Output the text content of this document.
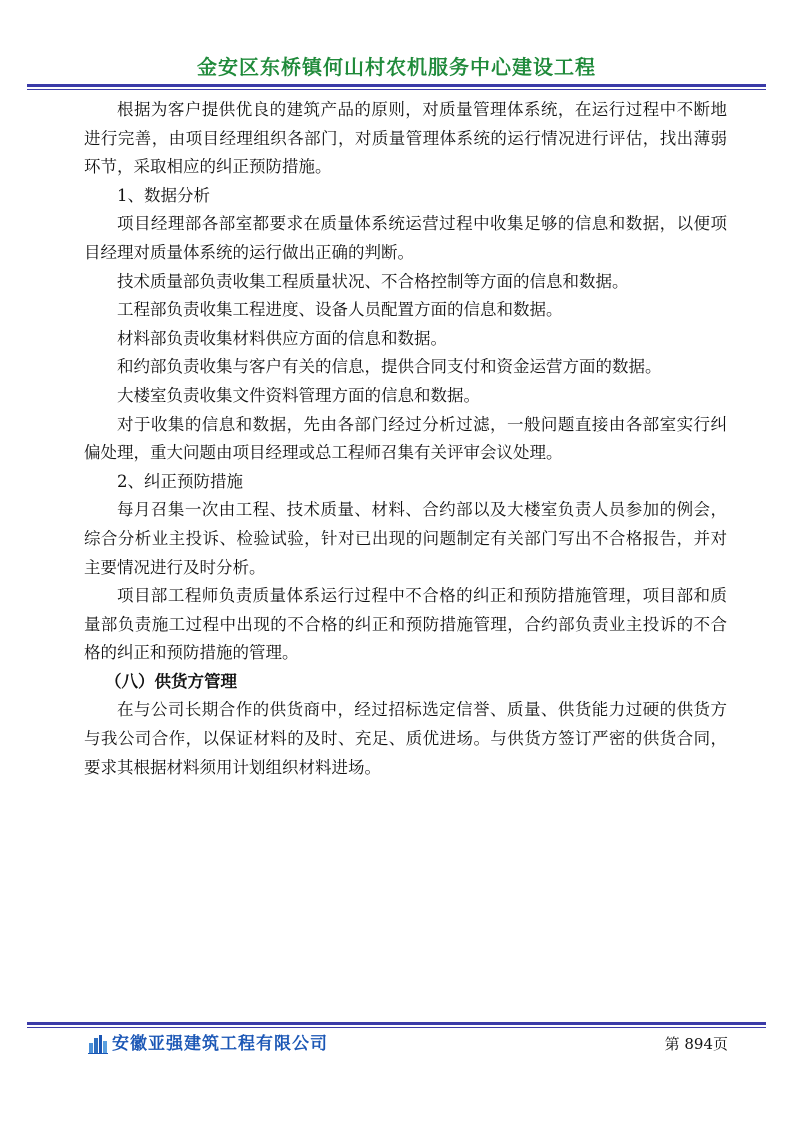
金安区东桥镇何山村农机服务中心建设工程

根据为客户提供优良的建筑产品的原则，对质量管理体系统，在运行过程中不断地进行完善，由项目经理组织各部门，对质量管理体系统的运行情况进行评估，找出薄弱环节，采取相应的纠正预防措施。

1、数据分析

项目经理部各部室都要求在质量体系统运营过程中收集足够的信息和数据，以便项目经理对质量体系统的运行做出正确的判断。

技术质量部负责收集工程质量状况、不合格控制等方面的信息和数据。

工程部负责收集工程进度、设备人员配置方面的信息和数据。

材料部负责收集材料供应方面的信息和数据。

和约部负责收集与客户有关的信息，提供合同支付和资金运营方面的数据。

大楼室负责收集文件资料管理方面的信息和数据。

对于收集的信息和数据，先由各部门经过分析过滤，一般问题直接由各部室实行纠偏处理，重大问题由项目经理或总工程师召集有关评审会议处理。

2、纠正预防措施

每月召集一次由工程、技术质量、材料、合约部以及大楼室负责人员参加的例会，综合分析业主投诉、检验试验，针对已出现的问题制定有关部门写出不合格报告，并对主要情况进行及时分析。

项目部工程师负责质量体系运行过程中不合格的纠正和预防措施管理，项目部和质量部负责施工过程中出现的不合格的纠正和预防措施管理，合约部负责业主投诉的不合格的纠正和预防措施的管理。

（八）供货方管理

在与公司长期合作的供货商中，经过招标选定信誉、质量、供货能力过硬的供货方与我公司合作，以保证材料的及时、充足、质优进场。与供货方签订严密的供货合同，要求其根据材料须用计划组织材料进场。

安徽亚强建筑工程有限公司	第 894页
